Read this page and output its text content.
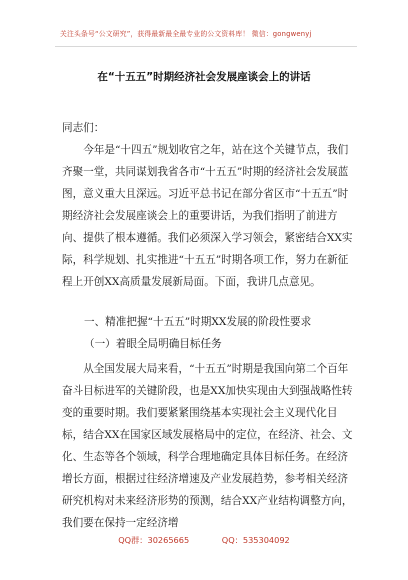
关注头条号“公文研究”，获得最新最全最专业的公文资料库！ 微信：gongwenyj
在“十五五”时期经济社会发展座谈会上的讲话
同志们：
今年是“十四五”规划收官之年，站在这个关键节点，我们齐聚一堂，共同谋划我省各市“十五五”时期的经济社会发展蓝图，意义重大且深远。习近平总书记在部分省区市“十五五”时期经济社会发展座谈会上的重要讲话，为我们指明了前进方向、提供了根本遵循。我们必须深入学习领会，紧密结合XX实际，科学规划、扎实推进“十五五”时期各项工作，努力在新征程上开创XX高质量发展新局面。下面，我讲几点意见。
一、精准把握“十五五”时期XX发展的阶段性要求
（一）着眼全局明确目标任务
从全国发展大局来看，“十五五”时期是我国向第二个百年奋斗目标进军的关键阶段，也是XX加快实现由大到强战略性转变的重要时期。我们要紧紧围绕基本实现社会主义现代化目标，结合XX在国家区域发展格局中的定位，在经济、社会、文化、生态等各个领域，科学合理地确定具体目标任务。在经济增长方面，根据过往经济增速及产业发展趋势，参考相关经济研究机构对未来经济形势的预测，结合XX产业结构调整方向，我们要在保持一定经济增
QQ群：30265665	QQ：535304092
